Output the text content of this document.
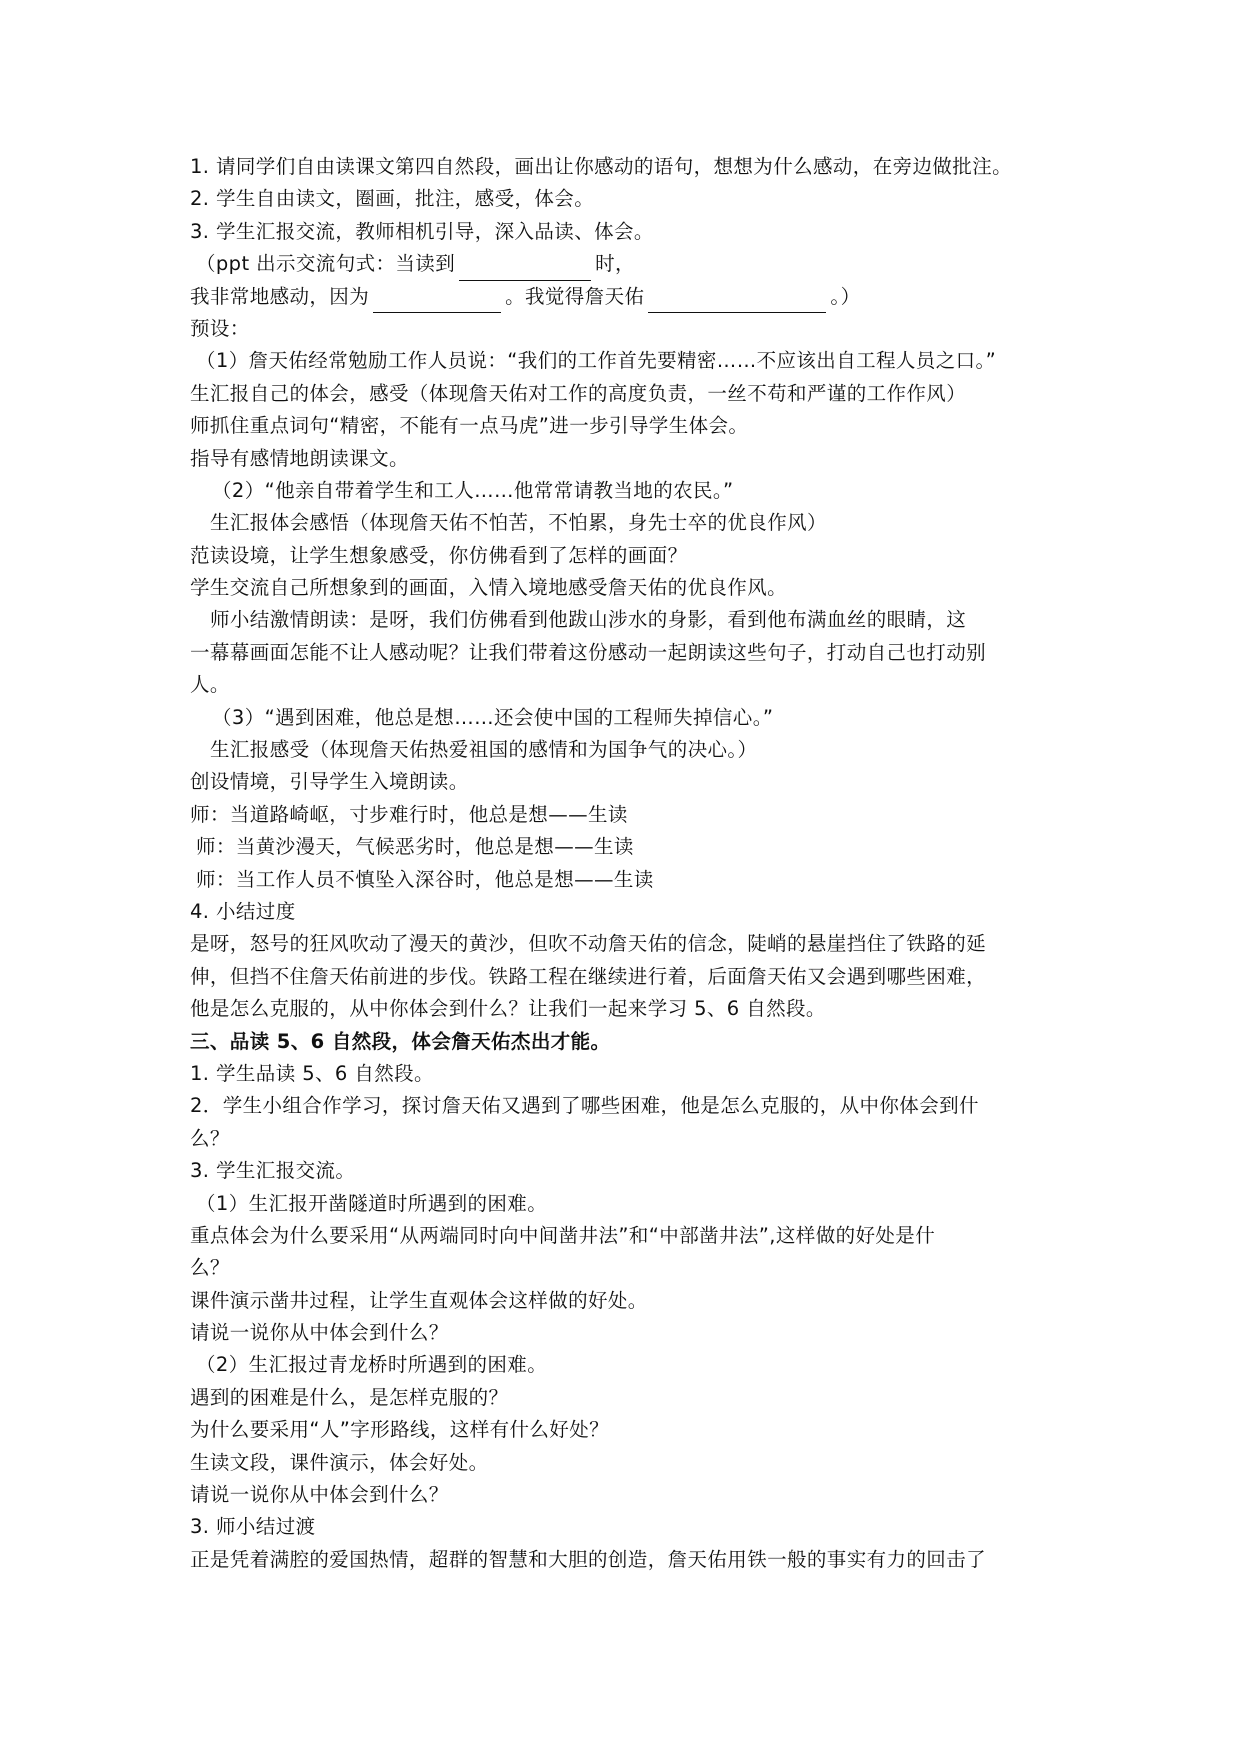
1. 请同学们自由读课文第四自然段，画出让你感动的语句，想想为什么感动，在旁边做批注。
2. 学生自由读文，圈画，批注，感受，体会。
3. 学生汇报交流，教师相机引导，深入品读、体会。
（ppt 出示交流句式：当读到	时，
我非常地感动，因为	。我觉得詹天佑	。）
预设：
（1）詹天佑经常勉励工作人员说：“我们的工作首先要精密……不应该出自工程人员之口。”
生汇报自己的体会，感受（体现詹天佑对工作的高度负责，一丝不苟和严谨的工作作风）
师抓住重点词句“精密，不能有一点马虎”进一步引导学生体会。
指导有感情地朗读课文。
（2）“他亲自带着学生和工人……他常常请教当地的农民。”
生汇报体会感悟（体现詹天佑不怕苦，不怕累，身先士卒的优良作风）
范读设境，让学生想象感受，你仿佛看到了怎样的画面？
学生交流自己所想象到的画面，入情入境地感受詹天佑的优良作风。
师小结激情朗读：是呀，我们仿佛看到他跋山涉水的身影，看到他布满血丝的眼睛，这
一幕幕画面怎能不让人感动呢？让我们带着这份感动一起朗读这些句子，打动自己也打动别
人。
（3）“遇到困难，他总是想……还会使中国的工程师失掉信心。”
生汇报感受（体现詹天佑热爱祖国的感情和为国争气的决心。）
创设情境，引导学生入境朗读。
师：当道路崎岖，寸步难行时，他总是想——生读
师：当黄沙漫天，气候恶劣时，他总是想——生读
师：当工作人员不慎坠入深谷时，他总是想——生读
4. 小结过度
是呀，怒号的狂风吹动了漫天的黄沙，但吹不动詹天佑的信念，陡峭的悬崖挡住了铁路的延
伸，但挡不住詹天佑前进的步伐。铁路工程在继续进行着，后面詹天佑又会遇到哪些困难，
他是怎么克服的，从中你体会到什么？让我们一起来学习 5、6 自然段。
三、品读 5、6 自然段，体会詹天佑杰出才能。
1. 学生品读 5、6 自然段。
2．学生小组合作学习，探讨詹天佑又遇到了哪些困难，他是怎么克服的，从中你体会到什
么？
3. 学生汇报交流。
（1）生汇报开凿隧道时所遇到的困难。
重点体会为什么要采用“从两端同时向中间凿井法”和“中部凿井法”,这样做的好处是什
么？
课件演示凿井过程，让学生直观体会这样做的好处。
请说一说你从中体会到什么？
（2）生汇报过青龙桥时所遇到的困难。
遇到的困难是什么，是怎样克服的？
为什么要采用“人”字形路线，这样有什么好处？
生读文段，课件演示，体会好处。
请说一说你从中体会到什么？
3. 师小结过渡
正是凭着满腔的爱国热情，超群的智慧和大胆的创造，詹天佑用铁一般的事实有力的回击了
